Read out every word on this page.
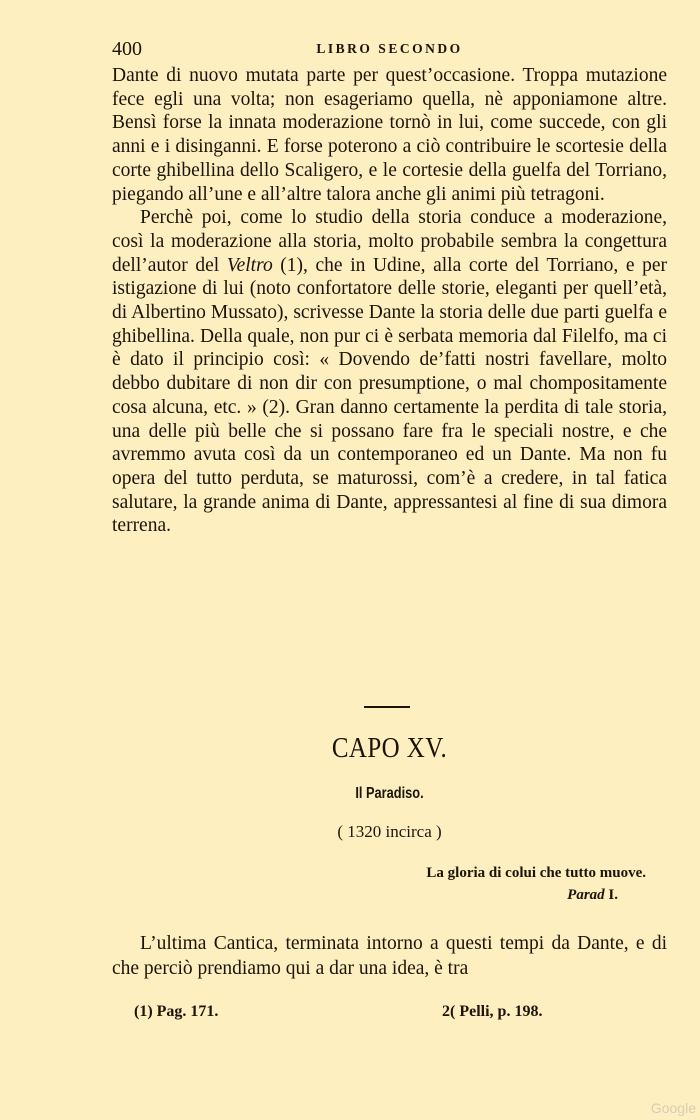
400	LIBRO SECONDO

Dante di nuovo mutata parte per quest’occasione. Troppa mutazione fece egli una volta; non esageriamo quella, nè apponiamone altre. Bensì forse la innata moderazione tornò in lui, come succede, con gli anni e i disinganni. E forse poterono a ciò contribuire le scortesie della corte ghibellina dello Scaligero, e le cortesie della guelfa del Torriano, piegando all’une e all’altre talora anche gli animi più tetragoni.

Perchè poi, come lo studio della storia conduce a moderazione, così la moderazione alla storia, molto probabile sembra la congettura dell’autor del Veltro (1), che in Udine, alla corte del Torriano, e per istigazione di lui (noto confortatore delle storie, eleganti per quell’età, di Albertino Mussato), scrivesse Dante la storia delle due parti guelfa e ghibellina. Della quale, non pur ci è serbata memoria dal Filelfo, ma ci è dato il principio così: « Dovendo de’fatti nostri favellare, molto debbo dubitare di non dir con presumptione, o mal chompositamente cosa alcuna, etc. » (2). Gran danno certamente la perdita di tale storia, una delle più belle che si possano fare fra le speciali nostre, e che avremmo avuta così da un contemporaneo ed un Dante. Ma non fu opera del tutto perduta, se maturossi, com’è a credere, in tal fatica salutare, la grande anima di Dante, appressantesi al fine di sua dimora terrena.

CAPO XV.
Il Paradiso.
( 1320 incirca )
La gloria di colui che tutto muove.
Parad I.

L’ultima Cantica, terminata intorno a questi tempi da Dante, e di che perciò prendiamo qui a dar una idea, è tra

(1) Pag. 171.	2( Pelli, p. 198.
Google
